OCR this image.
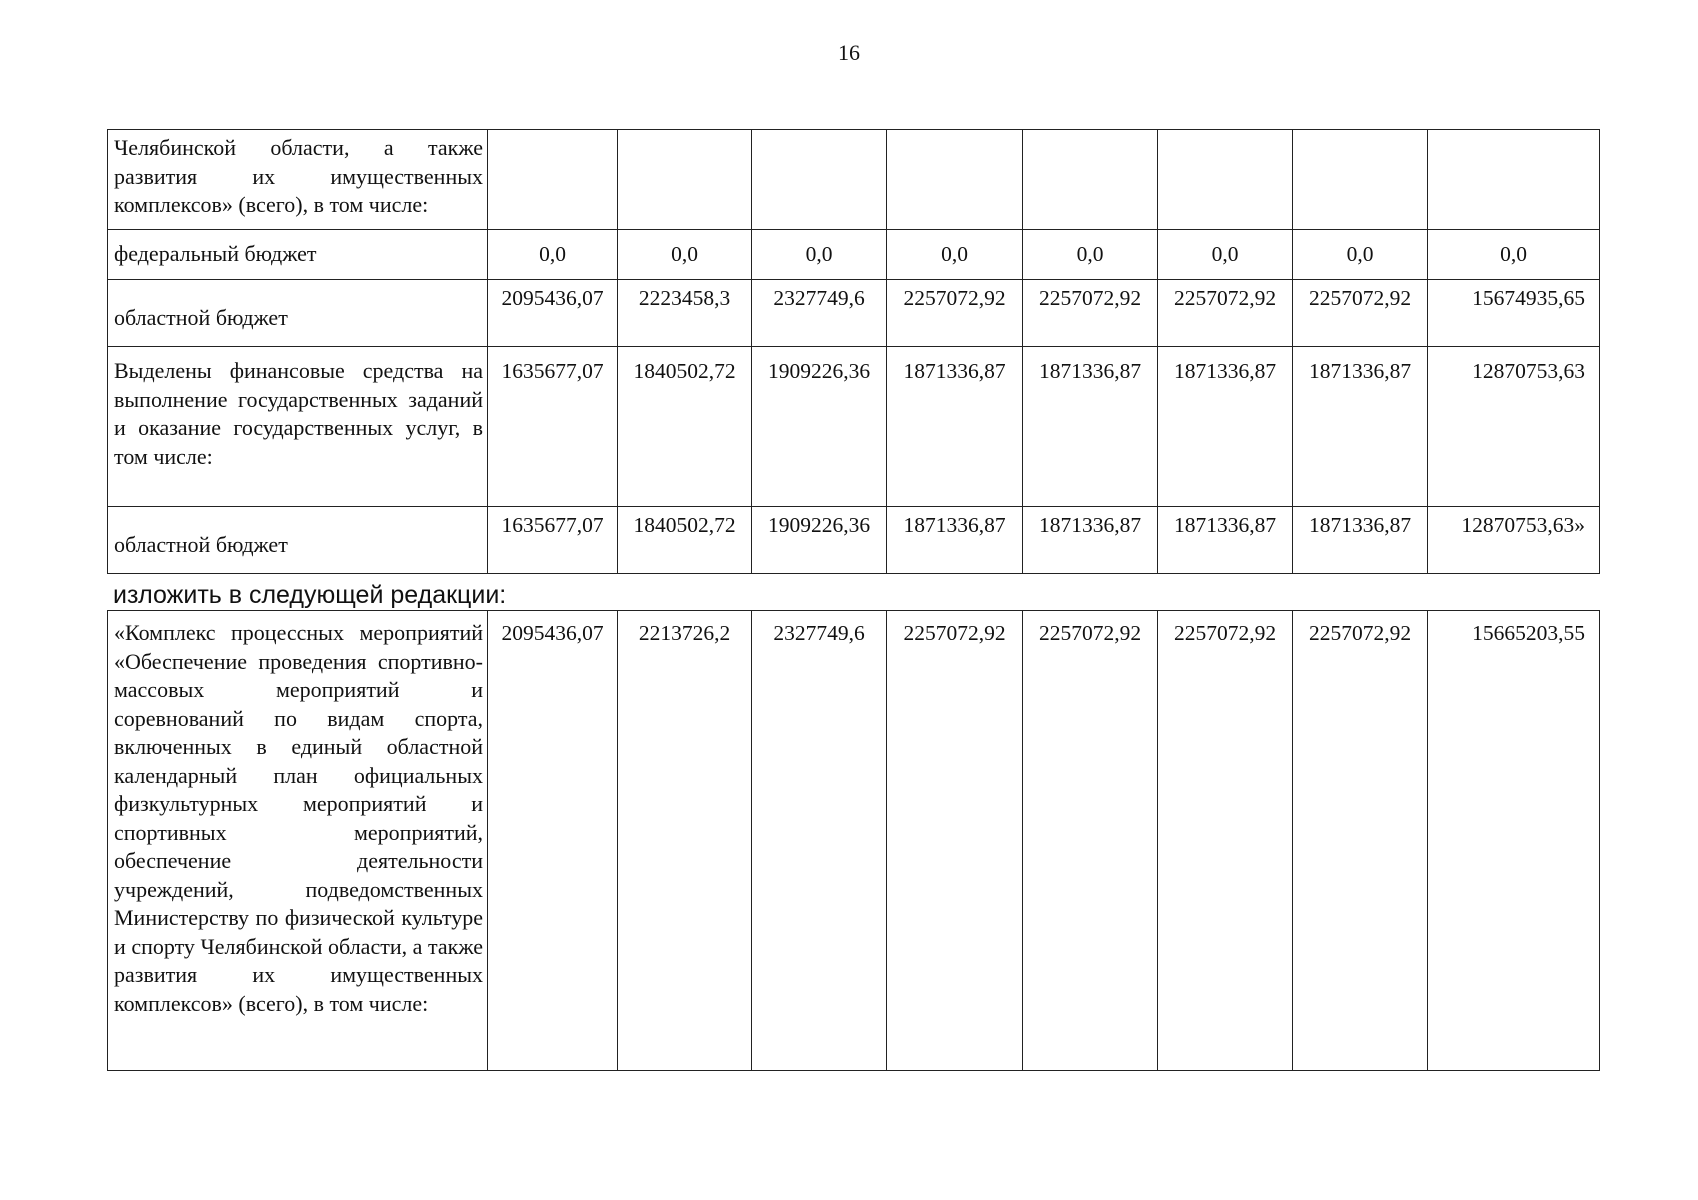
16
Челябинской области, а также развития их имущественных комплексов» (всего), в том числе:								
федеральный бюджет	0,0	0,0	0,0	0,0	0,0	0,0	0,0	0,0
областной бюджет	2095436,07	2223458,3	2327749,6	2257072,92	2257072,92	2257072,92	2257072,92	15674935,65
Выделены финансовые средства на выполнение государственных заданий и оказание государственных услуг, в том числе:	1635677,07	1840502,72	1909226,36	1871336,87	1871336,87	1871336,87	1871336,87	12870753,63
областной бюджет	1635677,07	1840502,72	1909226,36	1871336,87	1871336,87	1871336,87	1871336,87	12870753,63»
изложить в следующей редакции:
«Комплекс процессных мероприятий «Обеспечение проведения спортивно-массовых мероприятий и соревнований по видам спорта, включенных в единый областной календарный план официальных физкультурных мероприятий и спортивных мероприятий, обеспечение деятельности учреждений, подведомственных Министерству по физической культуре и спорту Челябинской области, а также развития их имущественных комплексов» (всего), в том числе:	2095436,07	2213726,2	2327749,6	2257072,92	2257072,92	2257072,92	2257072,92	15665203,55
